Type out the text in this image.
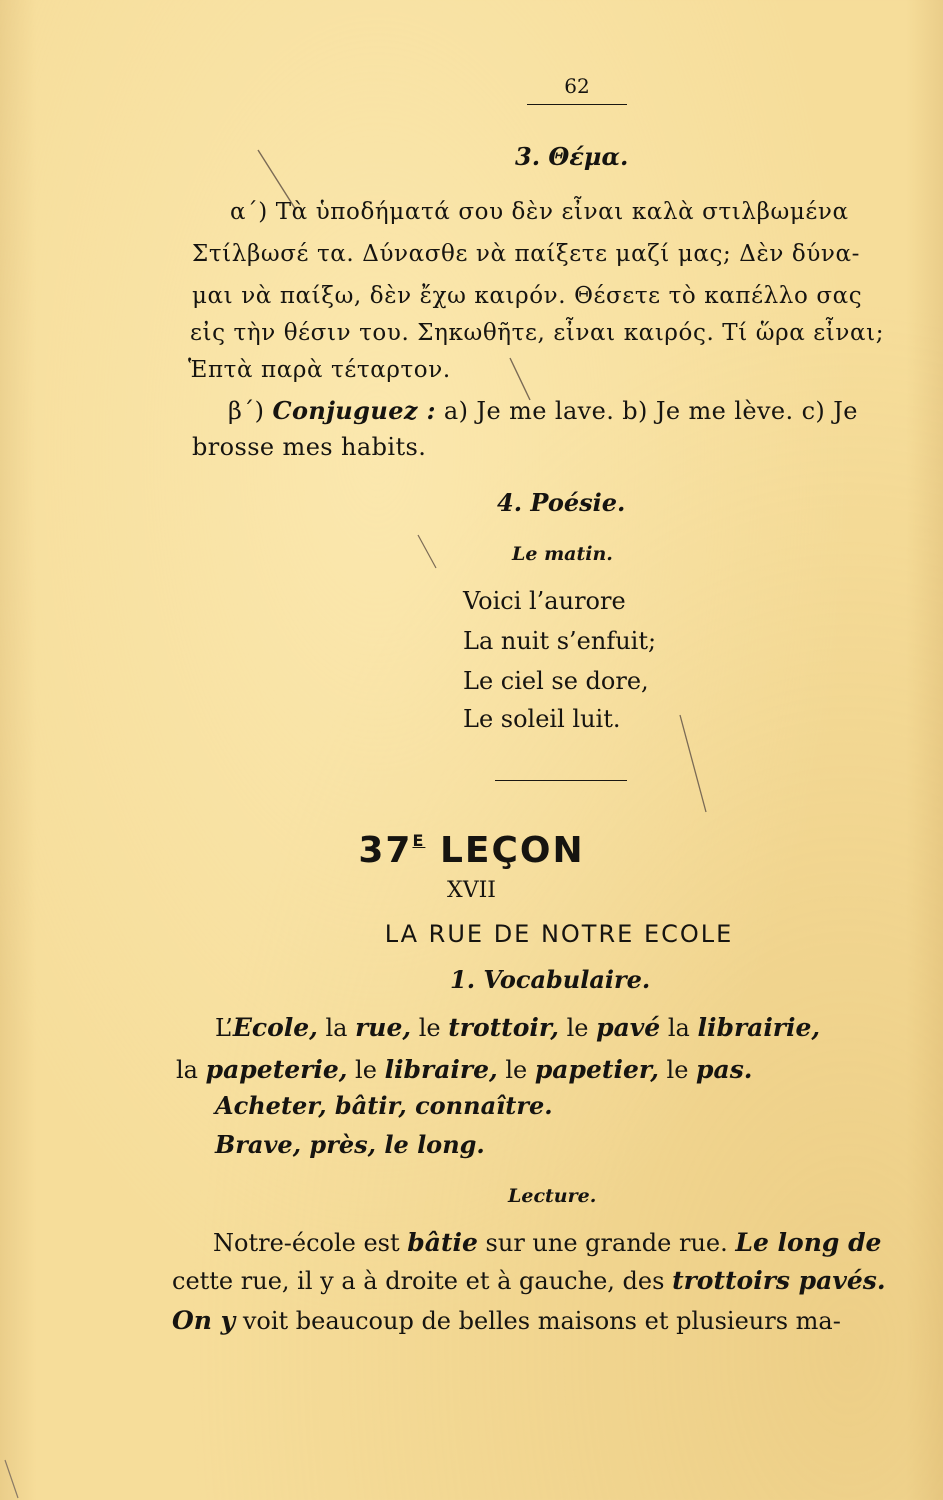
62
3. Θέμα.
α΄) Τὰ ὑποδήματά σου δὲν εἶναι καλὰ στιλβωμένα
Στίλβωσέ τα. Δύνασθε νὰ παίξετε μαζί μας; Δὲν δύνα-
μαι νὰ παίξω, δὲν ἔχω καιρόν. Θέσετε τὸ καπέλλο σας
εἰς τὴν θέσιν του. Σηκωθῆτε, εἶναι καιρός. Τί ὥρα εἶναι;
Ἑπτὰ παρὰ τέταρτον.
β΄) Conjuguez : a) Je me lave. b) Je me lève. c) Je
brosse mes habits.
4. Poésie.
Le matin.
Voici l’aurore
La nuit s’enfuit;
Le ciel se dore,
Le soleil luit.
$37^E$ LEÇON
XVII
LA RUE DE NOTRE ECOLE
1. Vocabulaire.
L’Ecole, la rue, le trottoir, le pavé la librairie,
la papeterie, le libraire, le papetier, le pas.
Acheter, bâtir, connaître.
Brave, près, le long.
Lecture.
Notre-école est bâtie sur une grande rue. Le long de
cette rue, il y a à droite et à gauche, des trottoirs pavés.
On y voit beaucoup de belles maisons et plusieurs ma-
